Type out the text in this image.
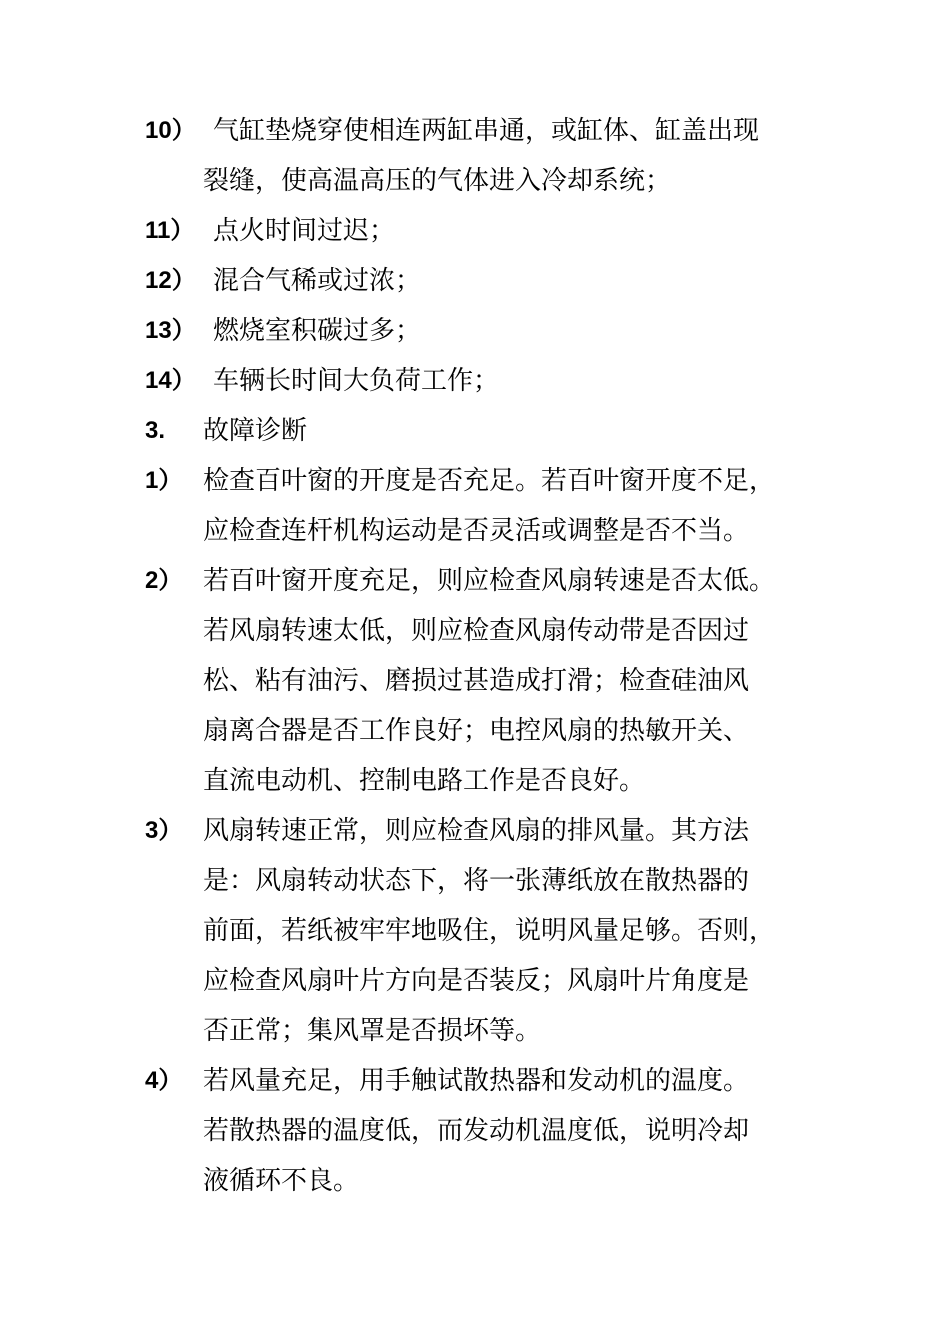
10） 气缸垫烧穿使相连两缸串通，或缸体、缸盖出现
裂缝，使高温高压的气体进入冷却系统；
11） 点火时间过迟；
12） 混合气稀或过浓；
13） 燃烧室积碳过多；
14） 车辆长时间大负荷工作；
3. 故障诊断
1） 检查百叶窗的开度是否充足。若百叶窗开度不足，
应检查连杆机构运动是否灵活或调整是否不当。
2） 若百叶窗开度充足，则应检查风扇转速是否太低。
若风扇转速太低，则应检查风扇传动带是否因过
松、粘有油污、磨损过甚造成打滑；检查硅油风
扇离合器是否工作良好；电控风扇的热敏开关、
直流电动机、控制电路工作是否良好。
3） 风扇转速正常，则应检查风扇的排风量。其方法
是：风扇转动状态下，将一张薄纸放在散热器的
前面，若纸被牢牢地吸住，说明风量足够。否则，
应检查风扇叶片方向是否装反；风扇叶片角度是
否正常；集风罩是否损坏等。
4） 若风量充足，用手触试散热器和发动机的温度。
若散热器的温度低，而发动机温度低，说明冷却
液循环不良。
